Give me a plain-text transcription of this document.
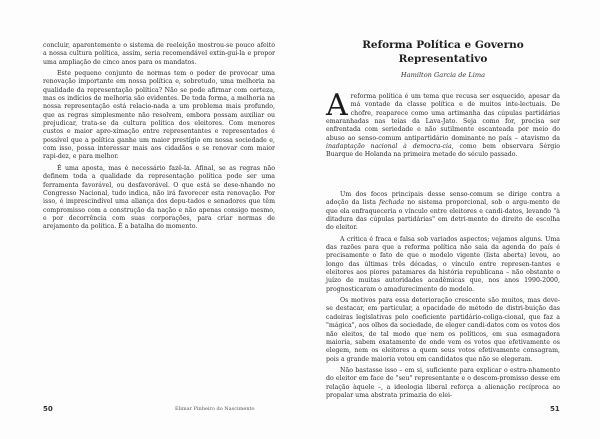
concluir, aparentemente o sistema de reeleição mostrou-se pouco afeito a nossa cultura política, assim, seria recomendável extin-guí-la e propor uma ampliação de cinco anos para os mandatos.

Este pequeno conjunto de normas tem o poder de provocar uma renovação importante em nossa política e, sobretudo, uma melhoria na qualidade da representação política? Não se pode afirmar com certeza, mas os indícios de melhoria são evidentes. De toda forma, a melhoria na nossa representação está relacio-nada a um problema mais profundo, que as regras simplesmente não resolvem, embora possam auxiliar ou prejudicar, trata-se da cultura política dos eleitores. Com menores custos e maior apro-ximação entre representantes e representados é possível que a política ganhe um maior prestígio em nossa sociedade e, com isso, possa interessar mais aos cidadãos e se renovar com maior rapi-dez, e para melhor.

É uma aposta, mas é necessário fazê-la. Afinal, se as regras não definem toda a qualidade da representação política pode ser uma ferramenta favorável, ou desfavorável. O que está se dese-nhando no Congresso Nacional, tudo indica, não irá favorecer esta renovação. Por isso, é imprescindível uma aliança dos depu-tados e senadores que têm compromisso com a construção da nação e não apenas consigo mesmo, e por decorrência com suas corporações, para criar normas de arejamento da política. É a batalha do momento.

50	Elimar Pinheiro do Nascimento
Reforma Política e Governo Representativo
Hamilton Garcia de Lima
A reforma política é um tema que recusa ser esquecido, apesar da má vontade da classe política e de muitos inte-lectuais. De chofre, reaparece como uma artimanha das cúpulas partidárias emaranhadas nas teias da Lava-Jato. Seja como for, precisa ser enfrentada com seriedade e não sutilmente escanteada por meio do abuso ao senso-comum antipartidário dominante no país – atavismo da inadaptação nacional à democra-cia, como bem observara Sérgio Buarque de Holanda na primeira metade do século passado.

Um dos focos principais desse senso-comum se dirige contra a adoção da lista fechada no sistema proporcional, sob o argu-mento de que ela enfraqueceria o vínculo entre eleitores e candi-datos, levando "à ditadura das cúpulas partidárias" em detri-mento do direito de escolha do eleitor.

A crítica é fraca e falsa sob variados aspectos; vejamos alguns. Uma das razões para que a reforma política não saia da agenda do país é precisamente o fato de que o modelo vigente (lista aberta) levou, ao longo das últimas três décadas, o vínculo entre represen-tantes e eleitores aos piores patamares da história republicana – não obstante o juízo de muitas autoridades acadêmicas que, nos anos 1990-2000, prognosticaram o amadurecimento do modelo.

Os motivos para essa deterioração crescente são muitos, mas deve-se destacar, em particular, a opacidade do método de distri-buição das cadeiras legislativas pelo coeficiente partidário-coliga-cional, que faz a "mágica", aos olhos da sociedade, de eleger candi-datos com os votos dos não eleitos, de tal modo que nem os políticos, em sua esmagadora maioria, sabem exatamente de onde vem os votos que efetivamente os elegem, nem os eleitores a quem seus votos efetivamente consagram, pois a grande maioria votou em candidatos que não se elegeram.

Não bastasse isso – em si, suficiente para explicar o estra-nhamento do eleitor em face de "seu" representante e o descom-promisso desse em relação àquele –, a ideologia liberal reforça a alienação recíproca ao propalar uma abstrata primazia do elei-

51
